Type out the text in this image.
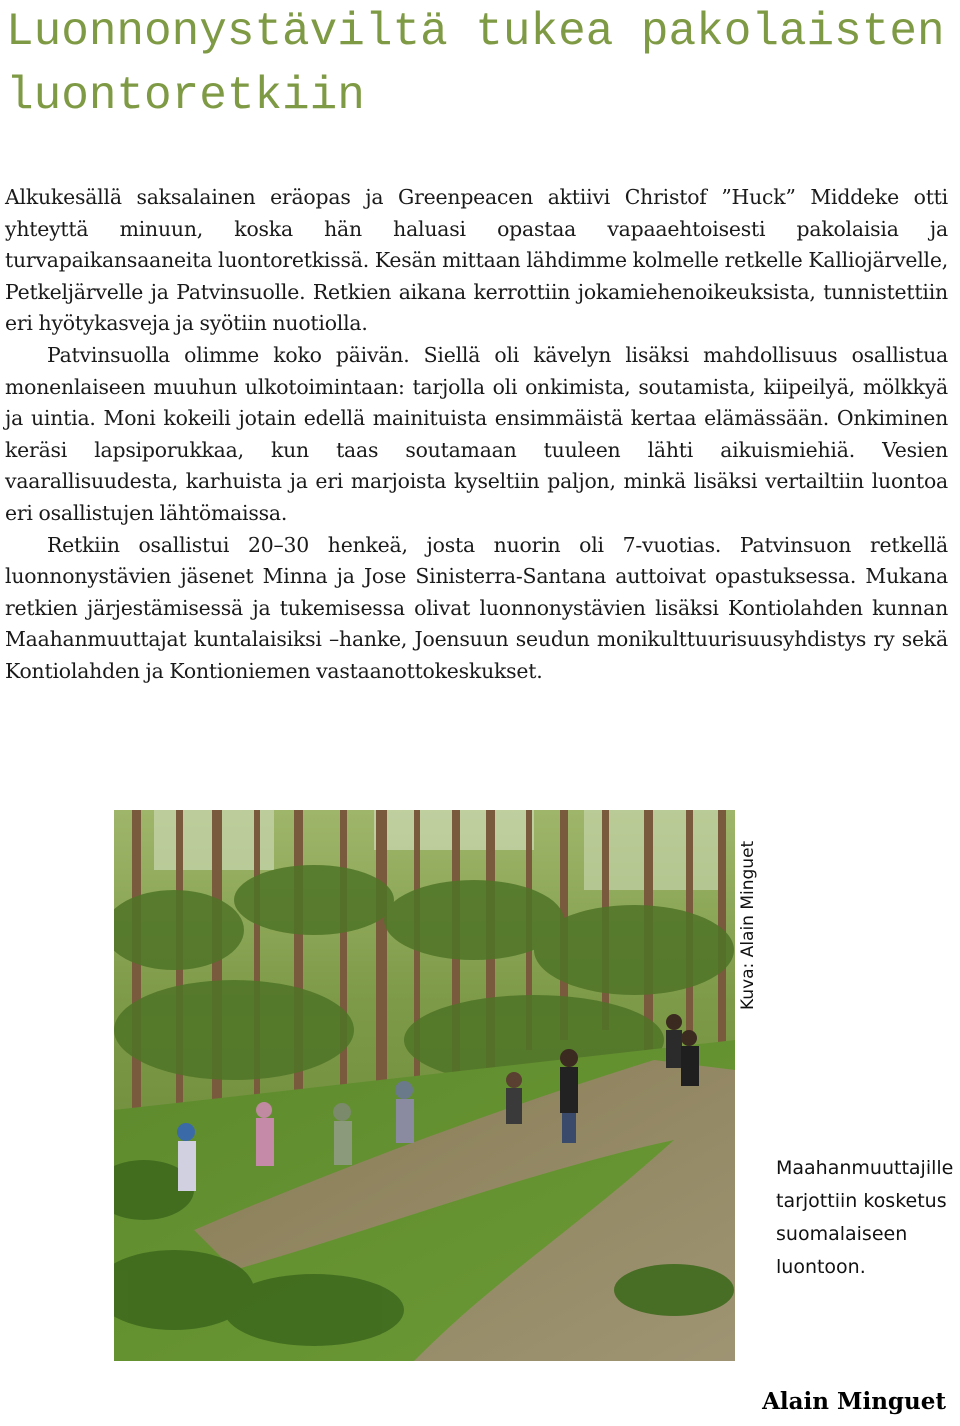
Luonnonystäviltä tukea pakolaisten luontoretkiin

Alkukesällä saksalainen eräopas ja Greenpeacen aktiivi Christof ”Huck” Middeke otti yhteyttä minuun, koska hän haluasi opastaa vapaaehtoisesti pakolaisia ja turvapaikansaaneita luontoretkissä. Kesän mittaan lähdimme kolmelle retkelle Kalliojärvelle, Petkeljärvelle ja Patvinsuolle. Retkien aikana kerrottiin jokamiehenoikeuksista, tunnistettiin eri hyötykasveja ja syötiin nuotiolla.

Patvinsuolla olimme koko päivän. Siellä oli kävelyn lisäksi mahdollisuus osallistua monenlaiseen muuhun ulkotoimintaan: tarjolla oli onkimista, soutamista, kiipeilyä, mölkkyä ja uintia. Moni kokeili jotain edellä mainituista ensimmäistä kertaa elämässään. Onkiminen keräsi lapsiporukkaa, kun taas soutamaan tuuleen lähti aikuismiehiä. Vesien vaarallisuudesta, karhuista ja eri marjoista kyseltiin paljon, minkä lisäksi vertailtiin luontoa eri osallistujen lähtömaissa.

Retkiin osallistui 20–30 henkeä, josta nuorin oli 7-vuotias. Patvinsuon retkellä luonnonystävien jäsenet Minna ja Jose Sinisterra-Santana auttoivat opastuksessa. Mukana retkien järjestämisessä ja tukemisessa olivat luonnonystävien lisäksi Kontiolahden kunnan Maahanmuuttajat kuntalaisiksi –hanke, Joensuun seudun monikulttuurisuusyhdistys ry sekä Kontiolahden ja Kontioniemen vastaanottokeskukset.

Kuva: Alain Minguet
Maahanmuuttajille tarjottiin kosketus suomalaiseen luontoon.
Alain Minguet
